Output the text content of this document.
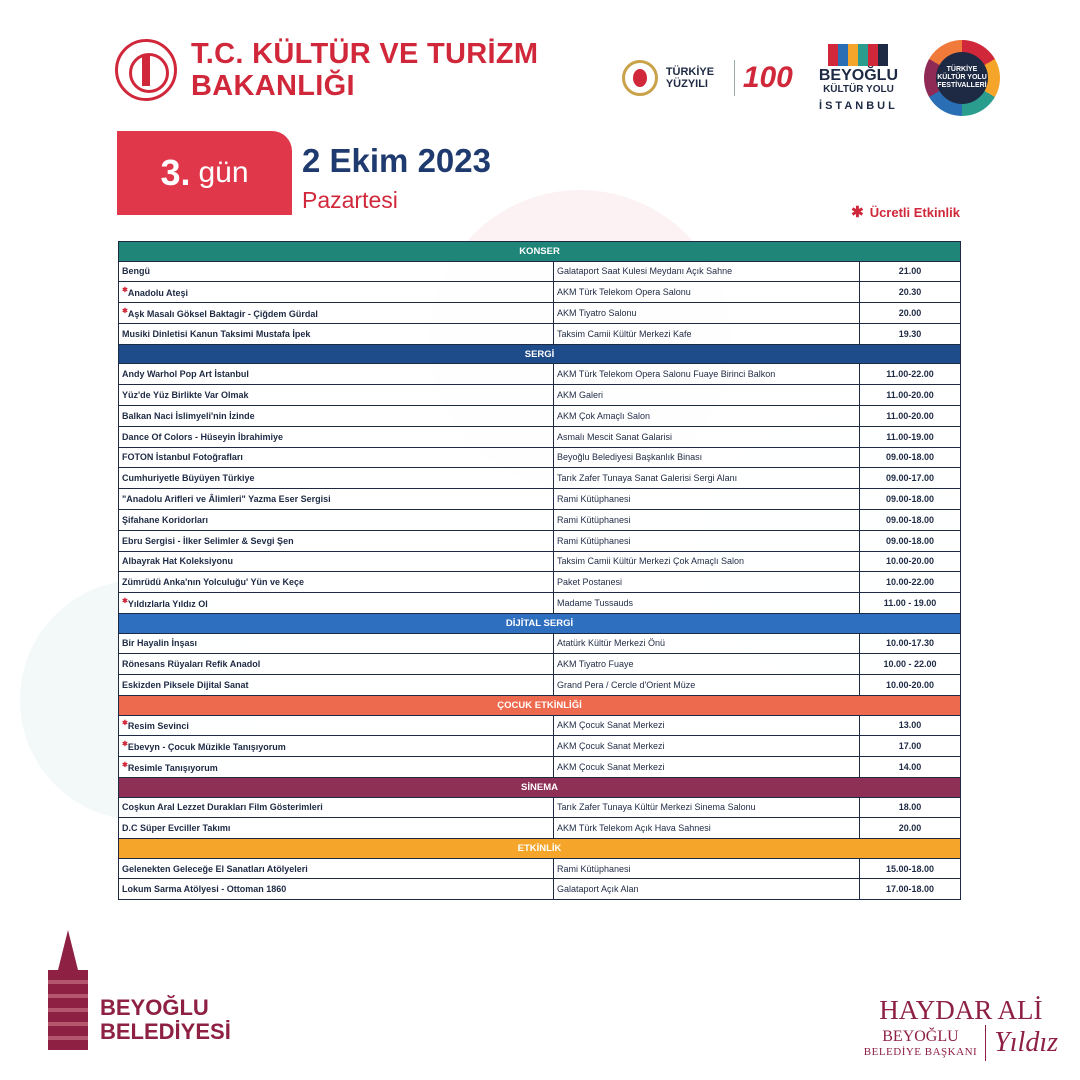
T.C. KÜLTÜR VE TURİZM
BAKANLIĞI	TÜRKİYE YÜZYILI	100 BEYOĞLU
KÜLTÜR YOLU
İSTANBUL
TÜRKİYE
KÜLTÜR YOLU
FESTİVALLERİ
3. gün 2 Ekim 2023
Pazartesi	✱ Ücretli Etkinlik
KONSER		
Bengü	Galataport Saat Kulesi Meydanı Açık Sahne	21.00
✱Anadolu Ateşi	AKM Türk Telekom Opera Salonu	20.30
✱Aşk Masalı Göksel Baktagir - Çiğdem Gürdal	AKM Tiyatro Salonu	20.00
Musiki Dinletisi Kanun Taksimi Mustafa İpek	Taksim Camii Kültür Merkezi Kafe	19.30
SERGİ		
Andy Warhol Pop Art İstanbul	AKM Türk Telekom Opera Salonu Fuaye Birinci Balkon	11.00-22.00
Yüz'de Yüz Birlikte Var Olmak	AKM Galeri	11.00-20.00
Balkan Naci İslimyeli'nin İzinde	AKM Çok Amaçlı Salon	11.00-20.00
Dance Of Colors - Hüseyin İbrahimiye	Asmalı Mescit Sanat Galarisi	11.00-19.00
FOTON İstanbul Fotoğrafları	Beyoğlu Belediyesi Başkanlık Binası	09.00-18.00
Cumhuriyetle Büyüyen Türkiye	Tarık Zafer Tunaya Sanat Galerisi Sergi Alanı	09.00-17.00
"Anadolu Arifleri ve Âlimleri" Yazma Eser Sergisi	Rami Kütüphanesi	09.00-18.00
Şifahane Koridorları	Rami Kütüphanesi	09.00-18.00
Ebru Sergisi - İlker Selimler & Sevgi Şen	Rami Kütüphanesi	09.00-18.00
Albayrak Hat Koleksiyonu	Taksim Camii Kültür Merkezi Çok Amaçlı Salon	10.00-20.00
Zümrüdü Anka'nın Yolculuğu' Yün ve Keçe	Paket Postanesi	10.00-22.00
✱Yıldızlarla Yıldız Ol	Madame Tussauds	11.00 - 19.00
DİJİTAL SERGİ		
Bir Hayalin İnşası	Atatürk Kültür Merkezi Önü	10.00-17.30
Rönesans Rüyaları Refik Anadol	AKM Tiyatro Fuaye	10.00 - 22.00
Eskizden Piksele Dijital Sanat	Grand Pera / Cercle d'Orient Müze	10.00-20.00
ÇOCUK ETKİNLİĞİ		
✱Resim Sevinci	AKM Çocuk Sanat Merkezi	13.00
✱Ebevyn - Çocuk Müzikle Tanışıyorum	AKM Çocuk Sanat Merkezi	17.00
✱Resimle Tanışıyorum	AKM Çocuk Sanat Merkezi	14.00
SİNEMA		
Coşkun Aral Lezzet Durakları Film Gösterimleri	Tarık Zafer Tunaya Kültür Merkezi Sinema Salonu	18.00
D.C Süper Evciller Takımı	AKM Türk Telekom Açık Hava Sahnesi	20.00
ETKİNLİK		
Gelenekten Geleceğe El Sanatları Atölyeleri	Rami Kütüphanesi	15.00-18.00
Lokum Sarma Atölyesi - Ottoman 1860	Galataport Açık Alan	17.00-18.00
BEYOĞLU
BELEDİYESİ
HAYDAR ALİ
BEYOĞLU
BELEDİYE BAŞKANI Yıldız
